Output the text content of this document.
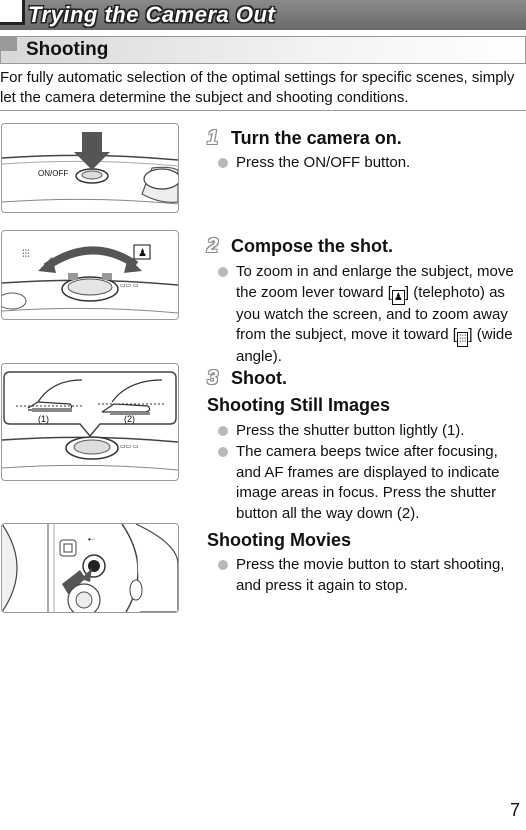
Trying the Camera Out
Shooting
For fully automatic selection of the optimal settings for specific scenes, simply let the camera determine the subject and shooting conditions.
ON/OFF
1 Turn the camera on.
Press the ON/OFF button.
⫶⫶⫶	♟
▭▭ ▭
2 Compose the shot.
To zoom in and enlarge the subject, move the zoom lever toward [ ♟ ] (telephoto) as you watch the screen, and to zoom away from the subject, move it toward [ ⫶⫶⫶ ] (wide angle).
(1)	(2)
▭▭ ▭
3 Shoot.
Shooting Still Images
Press the shutter button lightly (1).
The camera beeps twice after focusing, and AF frames are displayed to indicate image areas in focus. Press the shutter button all the way down (2).
•ᐧᐧ	Shooting Movies
Press the movie button to start shooting, and press it again to stop.
7
